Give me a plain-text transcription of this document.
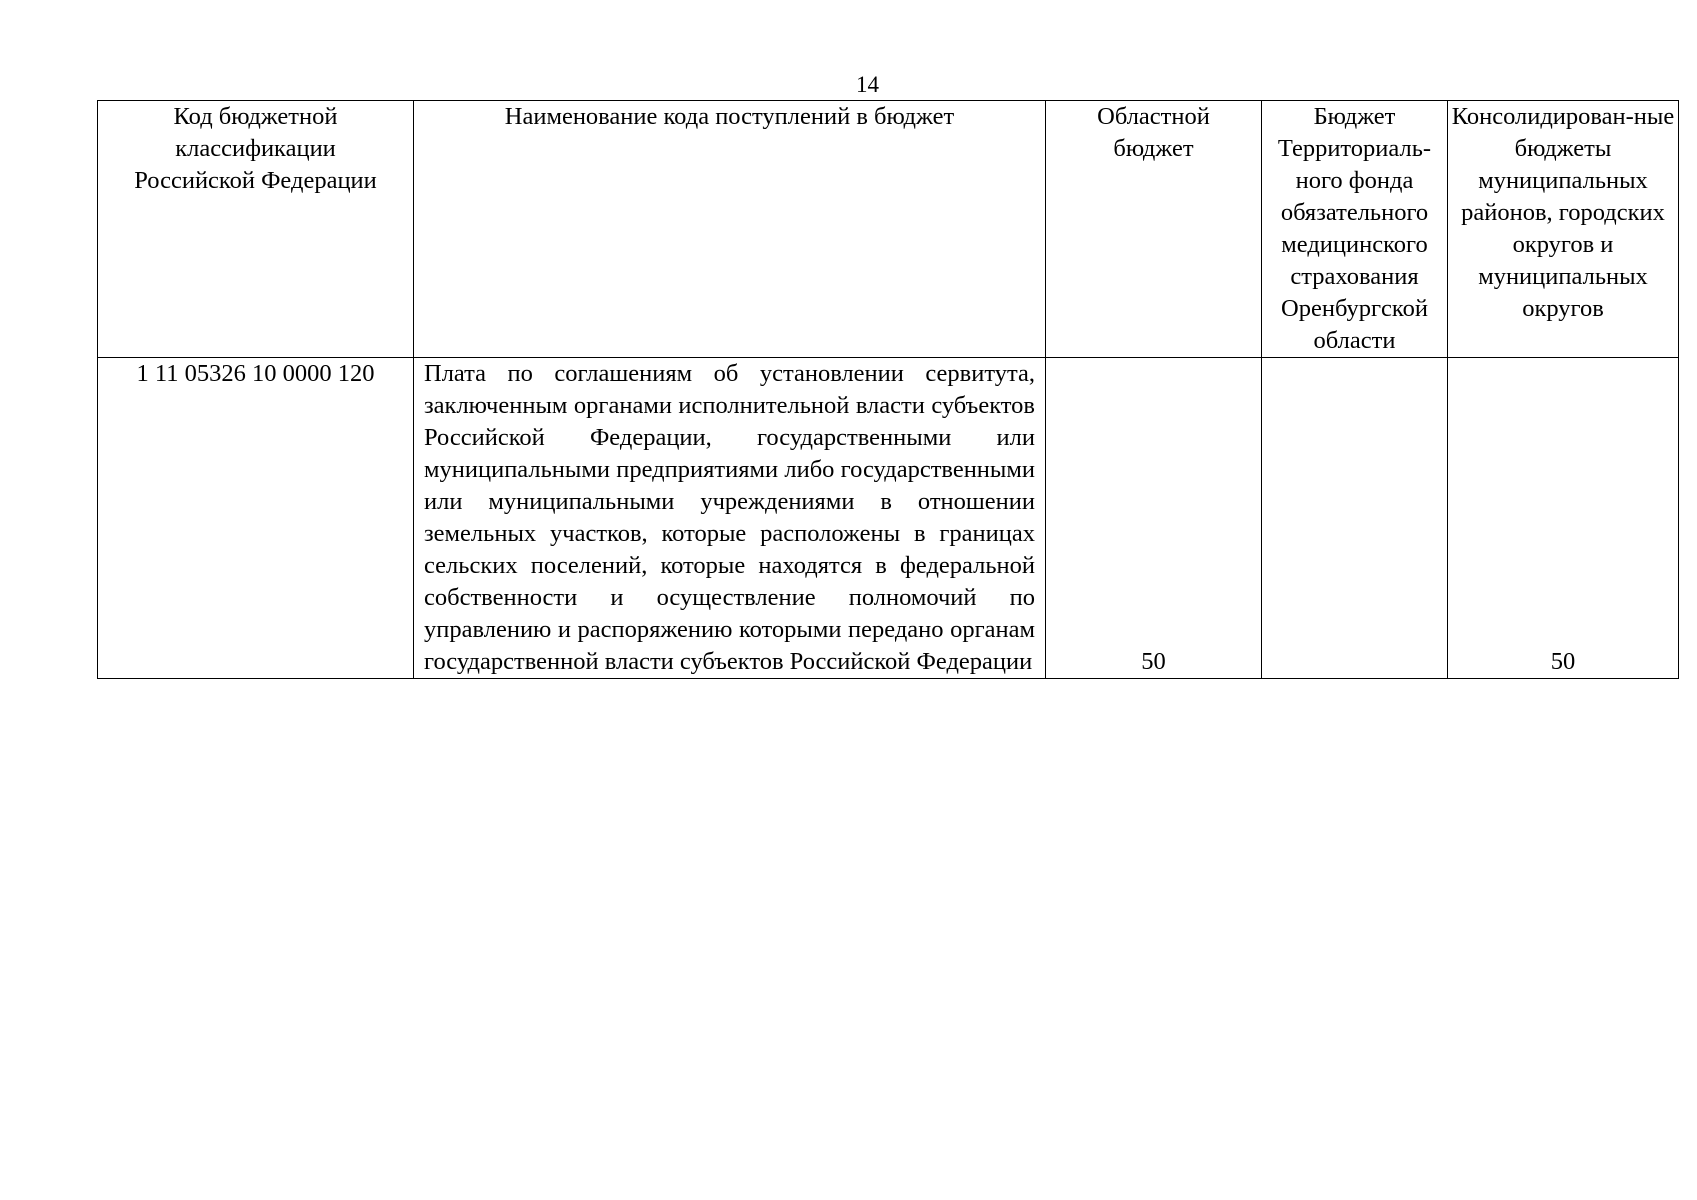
14
Код бюджетной классификации Российской Федерации	Наименование кода поступлений в бюджет	Областной бюджет	Бюджет Территориаль-ного фонда обязательного медицинского страхования Оренбургской области	Консолидирован-ные бюджеты муниципальных районов, городских округов и муниципальных округов
1 11 05326 10 0000 120	Плата по соглашениям об установлении сервитута, заключенным органами исполнительной власти субъектов Российской Федерации, государственными или муниципальными предприятиями либо государственными или муниципальными учреждениями в отношении земельных участков, которые расположены в границах сельских поселений, которые находятся в федеральной собственности и осуществление полномочий по управлению и распоряжению которыми передано органам государственной власти субъектов Российской Федерации	50		50
